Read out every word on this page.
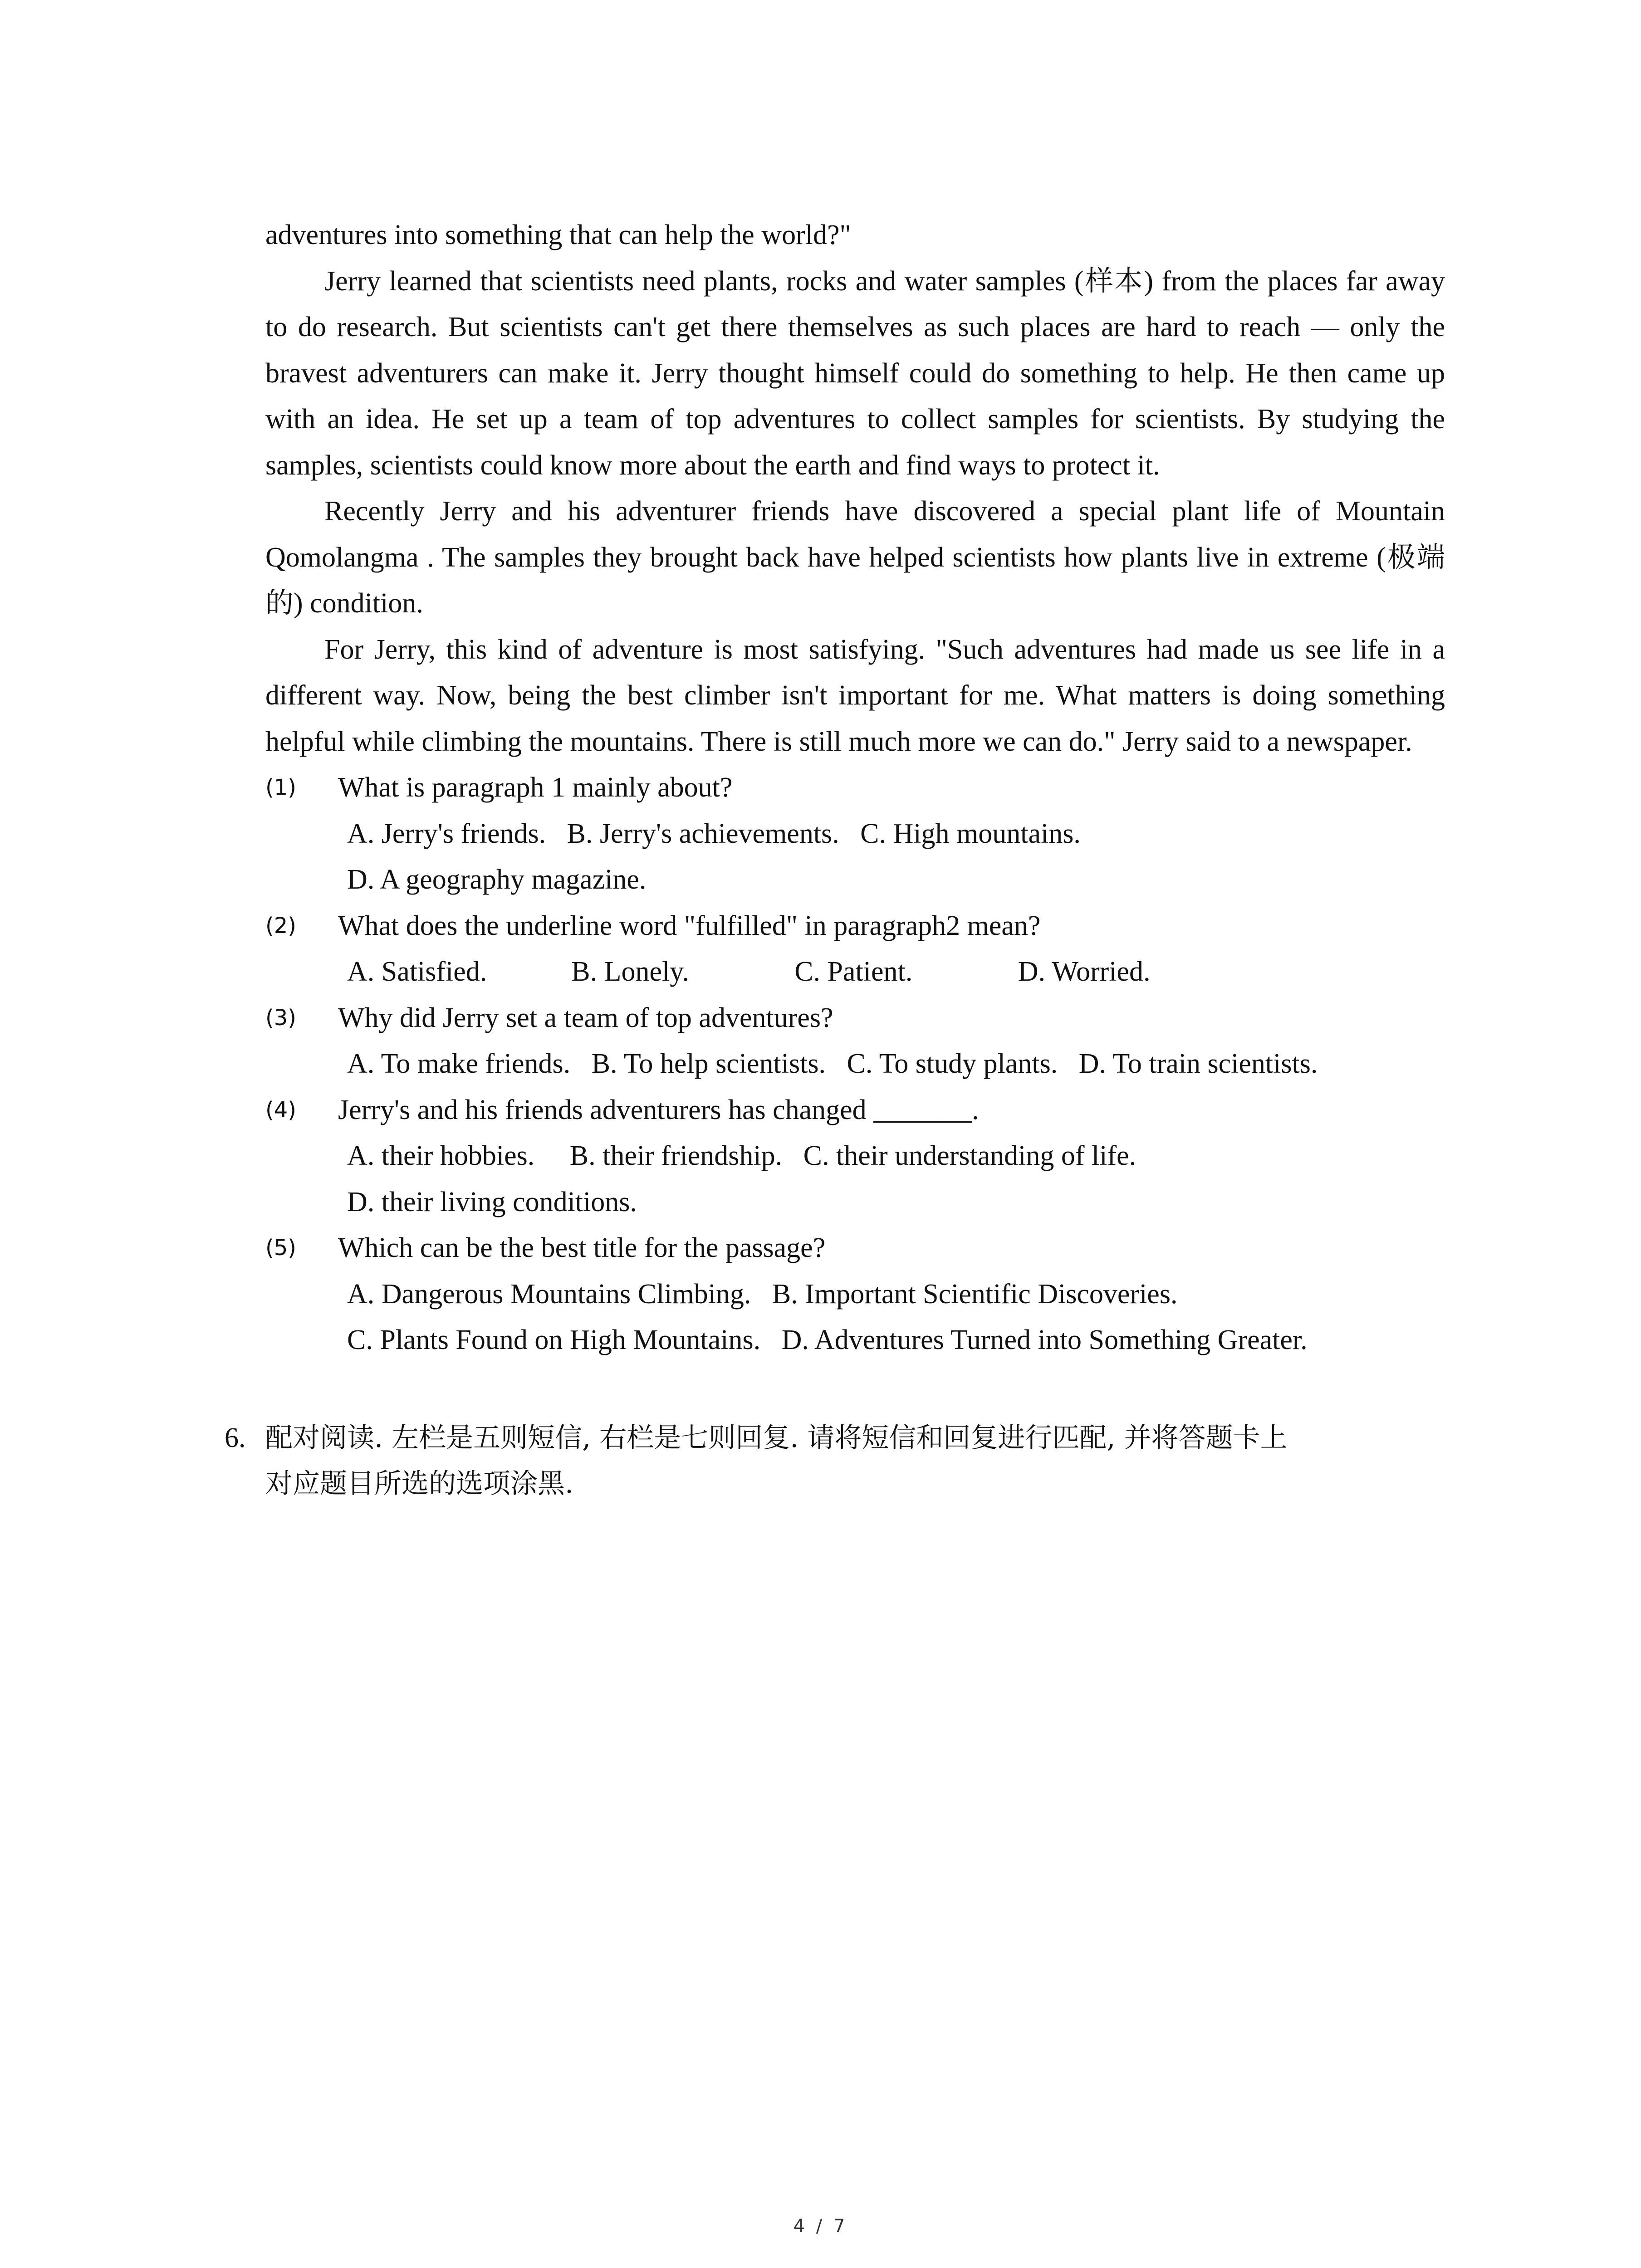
adventures into something that can help the world?"

Jerry learned that scientists need plants, rocks and water samples (样本) from the places far away to do research. But scientists can't get there themselves as such places are hard to reach — only the bravest adventurers can make it. Jerry thought himself could do something to help. He then came up with an idea. He set up a team of top adventures to collect samples for scientists. By studying the samples, scientists could know more about the earth and find ways to protect it.

Recently Jerry and his adventurer friends have discovered a special plant life of Mountain Qomolangma . The samples they brought back have helped scientists how plants live in extreme (极端的) condition.

For Jerry, this kind of adventure is most satisfying. "Such adventures had made us see life in a different way. Now, being the best climber isn't important for me. What matters is doing something helpful while climbing the mountains. There is still much more we can do." Jerry said to a newspaper.

(1) What is paragraph 1 mainly about?

A. Jerry's friends.   B. Jerry's achievements.   C. High mountains.

D. A geography magazine.

(2) What does the underline word "fulfilled" in paragraph2 mean?

A. Satisfied.            B. Lonely.               C. Patient.               D. Worried.

(3) Why did Jerry set a team of top adventures?

A. To make friends.   B. To help scientists.   C. To study plants.   D. To train scientists.

(4) Jerry's and his friends adventurers has changed _______.

A. their hobbies.     B. their friendship.   C. their understanding of life.

D. their living conditions.

(5) Which can be the best title for the passage?

A. Dangerous Mountains Climbing.   B. Important Scientific Discoveries.

C. Plants Found on High Mountains.   D. Adventures Turned into Something Greater.

6. 配对阅读. 左栏是五则短信, 右栏是七则回复. 请将短信和回复进行匹配, 并将答题卡上

对应题目所选的选项涂黑.

4 / 7
